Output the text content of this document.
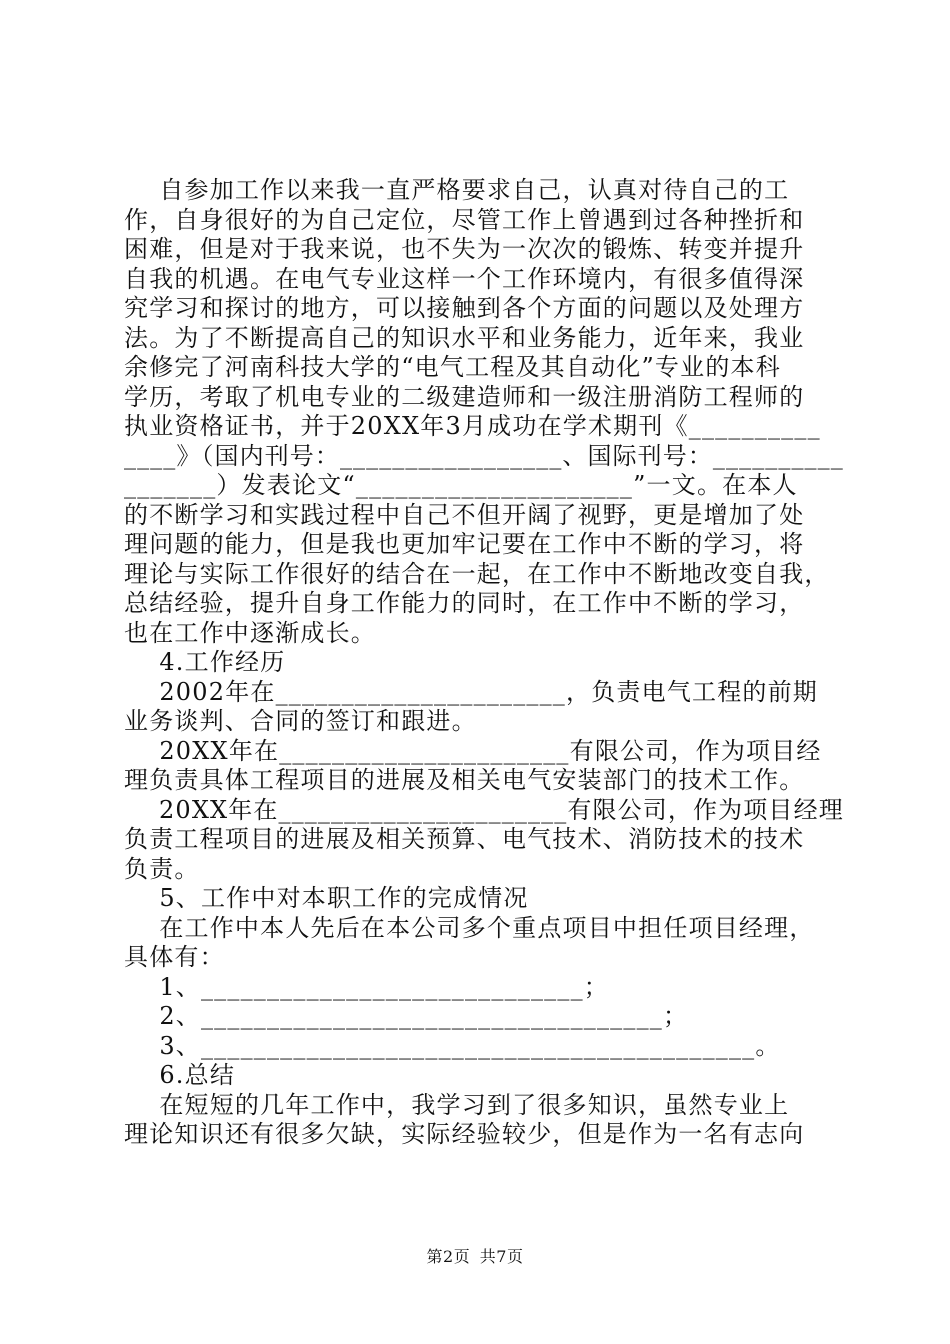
自参加工作以来我一直严格要求自己，认真对待自己的工
作，自身很好的为自己定位，尽管工作上曾遇到过各种挫折和
困难，但是对于我来说，也不失为一次次的锻炼、转变并提升
自我的机遇。在电气专业这样一个工作环境内，有很多值得深
究学习和探讨的地方，可以接触到各个方面的问题以及处理方
法。为了不断提高自己的知识水平和业务能力，近年来，我业
余修完了河南科技大学的“电气工程及其自动化”专业的本科
学历，考取了机电专业的二级建造师和一级注册消防工程师的
执业资格证书，并于20XX年3月成功在学术期刊《__________
____》（国内刊号：_________________、国际刊号：__________
_______）发表论文“_____________________”一文。在本人
的不断学习和实践过程中自己不但开阔了视野，更是增加了处
理问题的能力，但是我也更加牢记要在工作中不断的学习，将
理论与实际工作很好的结合在一起，在工作中不断地改变自我，
总结经验，提升自身工作能力的同时，在工作中不断的学习，
也在工作中逐渐成长。
4.工作经历
2002年在______________________，负责电气工程的前期
业务谈判、合同的签订和跟进。
20XX年在______________________有限公司，作为项目经
理负责具体工程项目的进展及相关电气安装部门的技术工作。
20XX年在______________________有限公司，作为项目经理
负责工程项目的进展及相关预算、电气技术、消防技术的技术
负责。
5、工作中对本职工作的完成情况
在工作中本人先后在本公司多个重点项目中担任项目经理，
具体有：
1、_____________________________；
2、___________________________________；
3、__________________________________________。
6.总结
在短短的几年工作中，我学习到了很多知识，虽然专业上
理论知识还有很多欠缺，实际经验较少，但是作为一名有志向
第2页 共7页
